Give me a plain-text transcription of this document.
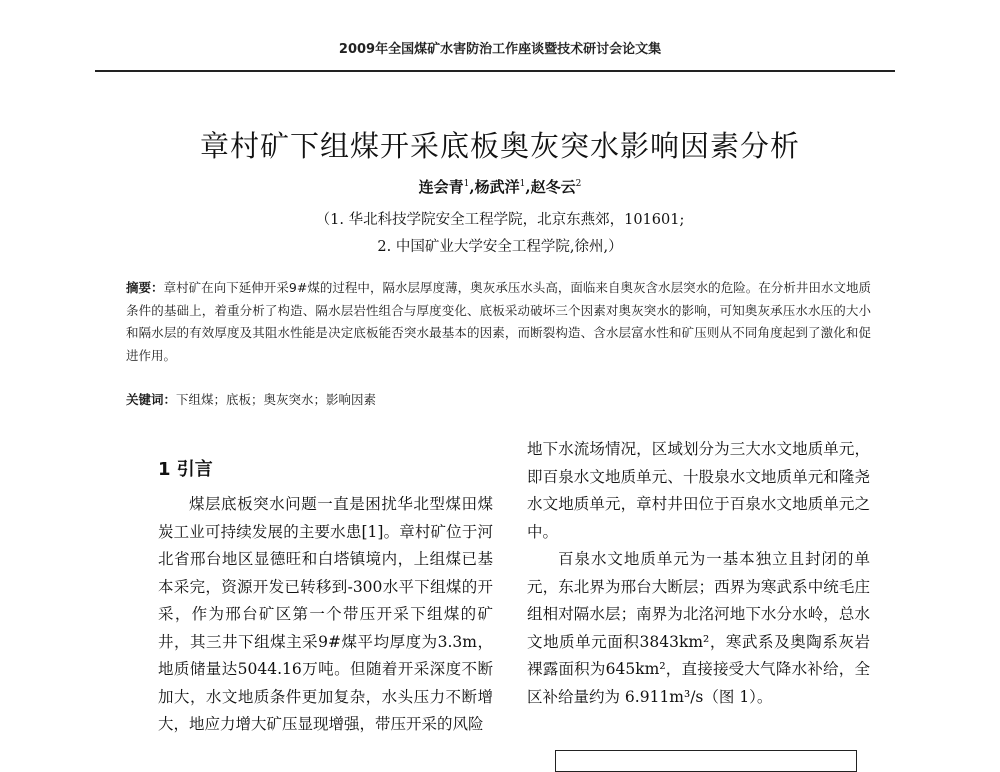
2009年全国煤矿水害防治工作座谈暨技术研讨会论文集
章村矿下组煤开采底板奥灰突水影响因素分析
连会青$^1$,杨武洋$^1$,赵冬云$^2$
（1. 华北科技学院安全工程学院，北京东燕郊，101601;
2. 中国矿业大学安全工程学院,徐州,）
摘要：章村矿在向下延伸开采9#煤的过程中，隔水层厚度薄，奥灰承压水头高，面临来自奥灰含水层突水的危险。在分析井田水文地质条件的基础上，着重分析了构造、隔水层岩性组合与厚度变化、底板采动破坏三个因素对奥灰突水的影响，可知奥灰承压水水压的大小和隔水层的有效厚度及其阻水性能是决定底板能否突水最基本的因素，而断裂构造、含水层富水性和矿压则从不同角度起到了激化和促进作用。
关键词：下组煤；底板；奥灰突水；影响因素
1 引言

煤层底板突水问题一直是困扰华北型煤田煤炭工业可持续发展的主要水患[1]。章村矿位于河北省邢台地区显德旺和白塔镇境内，上组煤已基本采完，资源开发已转移到-300水平下组煤的开采，作为邢台矿区第一个带压开采下组煤的矿井，其三井下组煤主采9#煤平均厚度为3.3m，地质储量达5044.16万吨。但随着开采深度不断加大，水文地质条件更加复杂，水头压力不断增大，地应力增大矿压显现增强，带压开采的风险

地下水流场情况，区域划分为三大水文地质单元，即百泉水文地质单元、十股泉水文地质单元和隆尧水文地质单元，章村井田位于百泉水文地质单元之中。

百泉水文地质单元为一基本独立且封闭的单元，东北界为邢台大断层；西界为寒武系中统毛庄组相对隔水层；南界为北洺河地下水分水岭，总水文地质单元面积3843km²，寒武系及奥陶系灰岩裸露面积为645km²，直接接受大气降水补给，全区补给量约为 6.911m³/s（图 1）。
